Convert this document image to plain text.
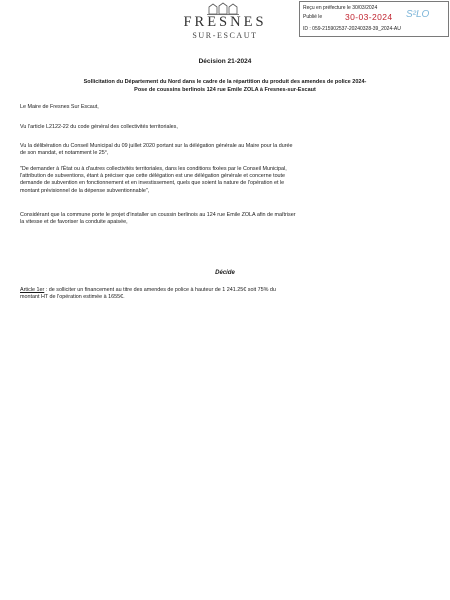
FRESNES
SUR-ESCAUT
Reçu en préfecture le 30/03/2024
Publié le	30-03-2024 S²LO
ID : 059-215902537-20240328-39_2024-AU
Décision 21-2024
Sollicitation du Département du Nord dans le cadre de la répartition du produit des amendes de police 2024-
Pose de coussins berlinois 124 rue Emile ZOLA à Fresnes-sur-Escaut
Le Maire de Fresnes Sur Escaut,
Vu l'article L2122-22 du code général des collectivités territoriales,
Vu la délibération du Conseil Municipal du 09 juillet 2020 portant sur la délégation générale au Maire pour la durée
de son mandat, et notamment le 25°,
"De demander à l'État ou à d'autres collectivités territoriales, dans les conditions fixées par le Conseil Municipal,
l'attribution de subventions, étant à préciser que cette délégation est une délégation générale et concerne toute
demande de subvention en fonctionnement et en investissement, quels que soient la nature de l'opération et le
montant prévisionnel de la dépense subventionnable",
Considérant que la commune porte le projet d'installer un coussin berlinois au 124 rue Emile ZOLA afin de maîtriser
la vitesse et de favoriser la conduite apaisée,
Décide
Article 1er : de solliciter un financement au titre des amendes de police à hauteur de 1 241.25€ soit 75% du
montant HT de l'opération estimée à 1655€.
